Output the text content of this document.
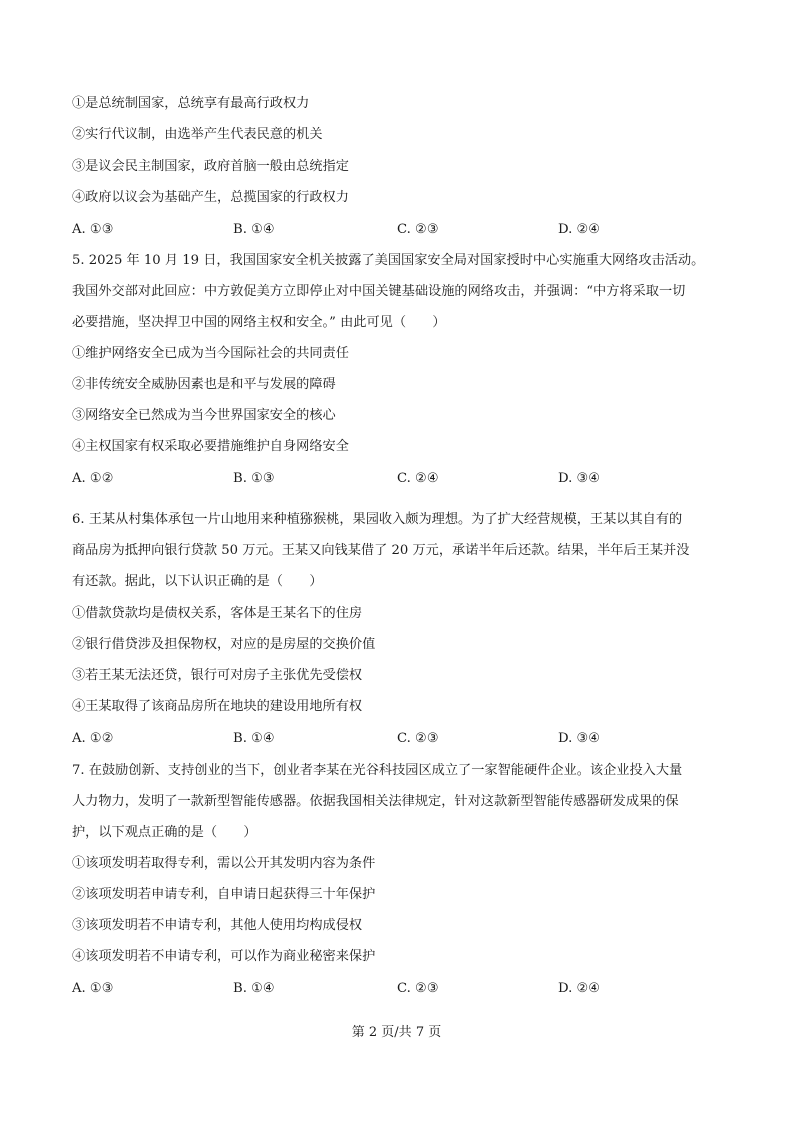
①是总统制国家，总统享有最高行政权力
②实行代议制，由选举产生代表民意的机关
③是议会民主制国家，政府首脑一般由总统指定
④政府以议会为基础产生，总揽国家的行政权力
A. ①③	B. ①④	C. ②③	D. ②④
5. 2025 年 10 月 19 日，我国国家安全机关披露了美国国家安全局对国家授时中心实施重大网络攻击活动。
我国外交部对此回应：中方敦促美方立即停止对中国关键基础设施的网络攻击，并强调：“中方将采取一切
必要措施，坚决捍卫中国的网络主权和安全。” 由此可见（　　）
①维护网络安全已成为当今国际社会的共同责任
②非传统安全威胁因素也是和平与发展的障碍
③网络安全已然成为当今世界国家安全的核心
④主权国家有权采取必要措施维护自身网络安全
A. ①②	B. ①③	C. ②④	D. ③④
6. 王某从村集体承包一片山地用来种植猕猴桃，果园收入颇为理想。为了扩大经营规模，王某以其自有的
商品房为抵押向银行贷款 50 万元。王某又向钱某借了 20 万元，承诺半年后还款。结果，半年后王某并没
有还款。据此，以下认识正确的是（　　）
①借款贷款均是债权关系，客体是王某名下的住房
②银行借贷涉及担保物权，对应的是房屋的交换价值
③若王某无法还贷，银行可对房子主张优先受偿权
④王某取得了该商品房所在地块的建设用地所有权
A. ①②	B. ①④	C. ②③	D. ③④
7. 在鼓励创新、支持创业的当下，创业者李某在光谷科技园区成立了一家智能硬件企业。该企业投入大量
人力物力，发明了一款新型智能传感器。依据我国相关法律规定，针对这款新型智能传感器研发成果的保
护，以下观点正确的是（　　）
①该项发明若取得专利，需以公开其发明内容为条件
②该项发明若申请专利，自申请日起获得三十年保护
③该项发明若不申请专利，其他人使用均构成侵权
④该项发明若不申请专利，可以作为商业秘密来保护
A. ①③	B. ①④	C. ②③	D. ②④
第 2 页/共 7 页
